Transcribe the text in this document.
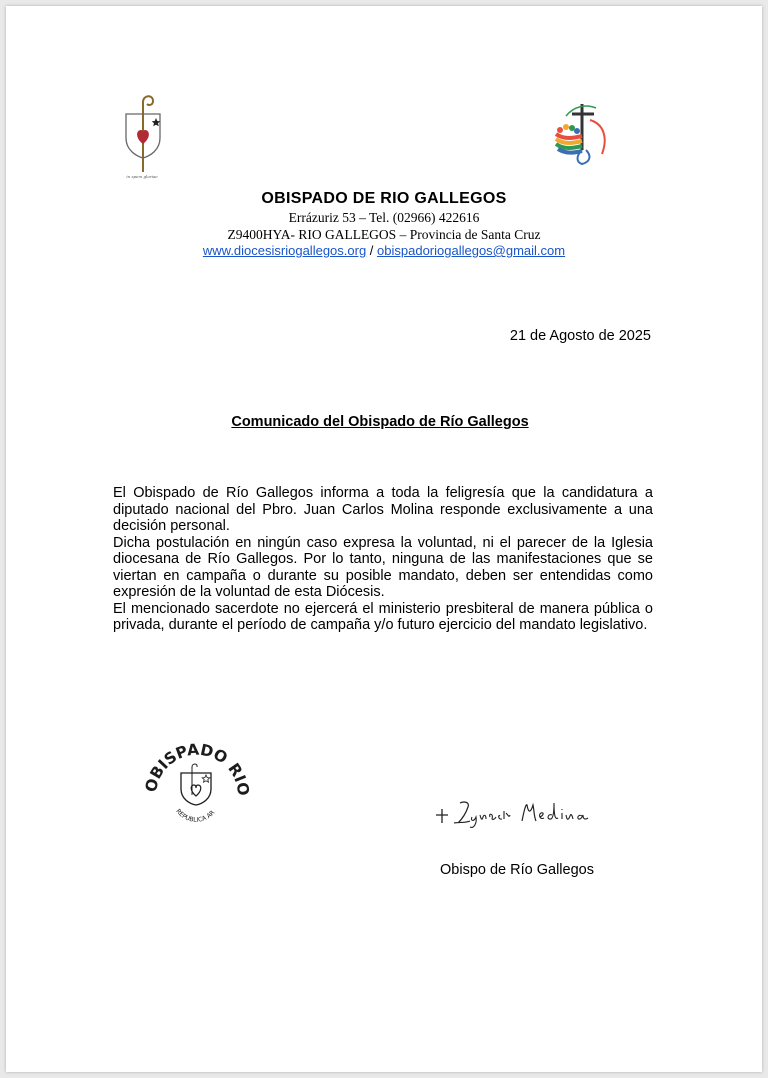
in spem gloriae
OBISPADO DE RIO GALLEGOS
Errázuriz 53 – Tel. (02966) 422616
Z9400HYA- RIO GALLEGOS – Provincia de Santa Cruz
www.diocesisriogallegos.org / obispadoriogallegos@gmail.com
21 de Agosto de 2025
Comunicado del Obispado de Río Gallegos

El Obispado de Río Gallegos informa a toda la feligresía que la candidatura a diputado nacional del Pbro. Juan Carlos Molina responde exclusivamente a una decisión personal.

Dicha postulación en ningún caso expresa la voluntad, ni el parecer de la Iglesia diocesana de Río Gallegos. Por lo tanto, ninguna de las manifestaciones que se viertan en campaña o durante su posible mandato, deben ser entendidas como expresión de la voluntad de esta Diócesis.

El mencionado sacerdote no ejercerá el ministerio presbiteral de manera pública o privada, durante el período de campaña y/o futuro ejercicio del mandato legislativo.

OBISPADO RIO
REPUBLICA AR
Obispo de Río Gallegos
